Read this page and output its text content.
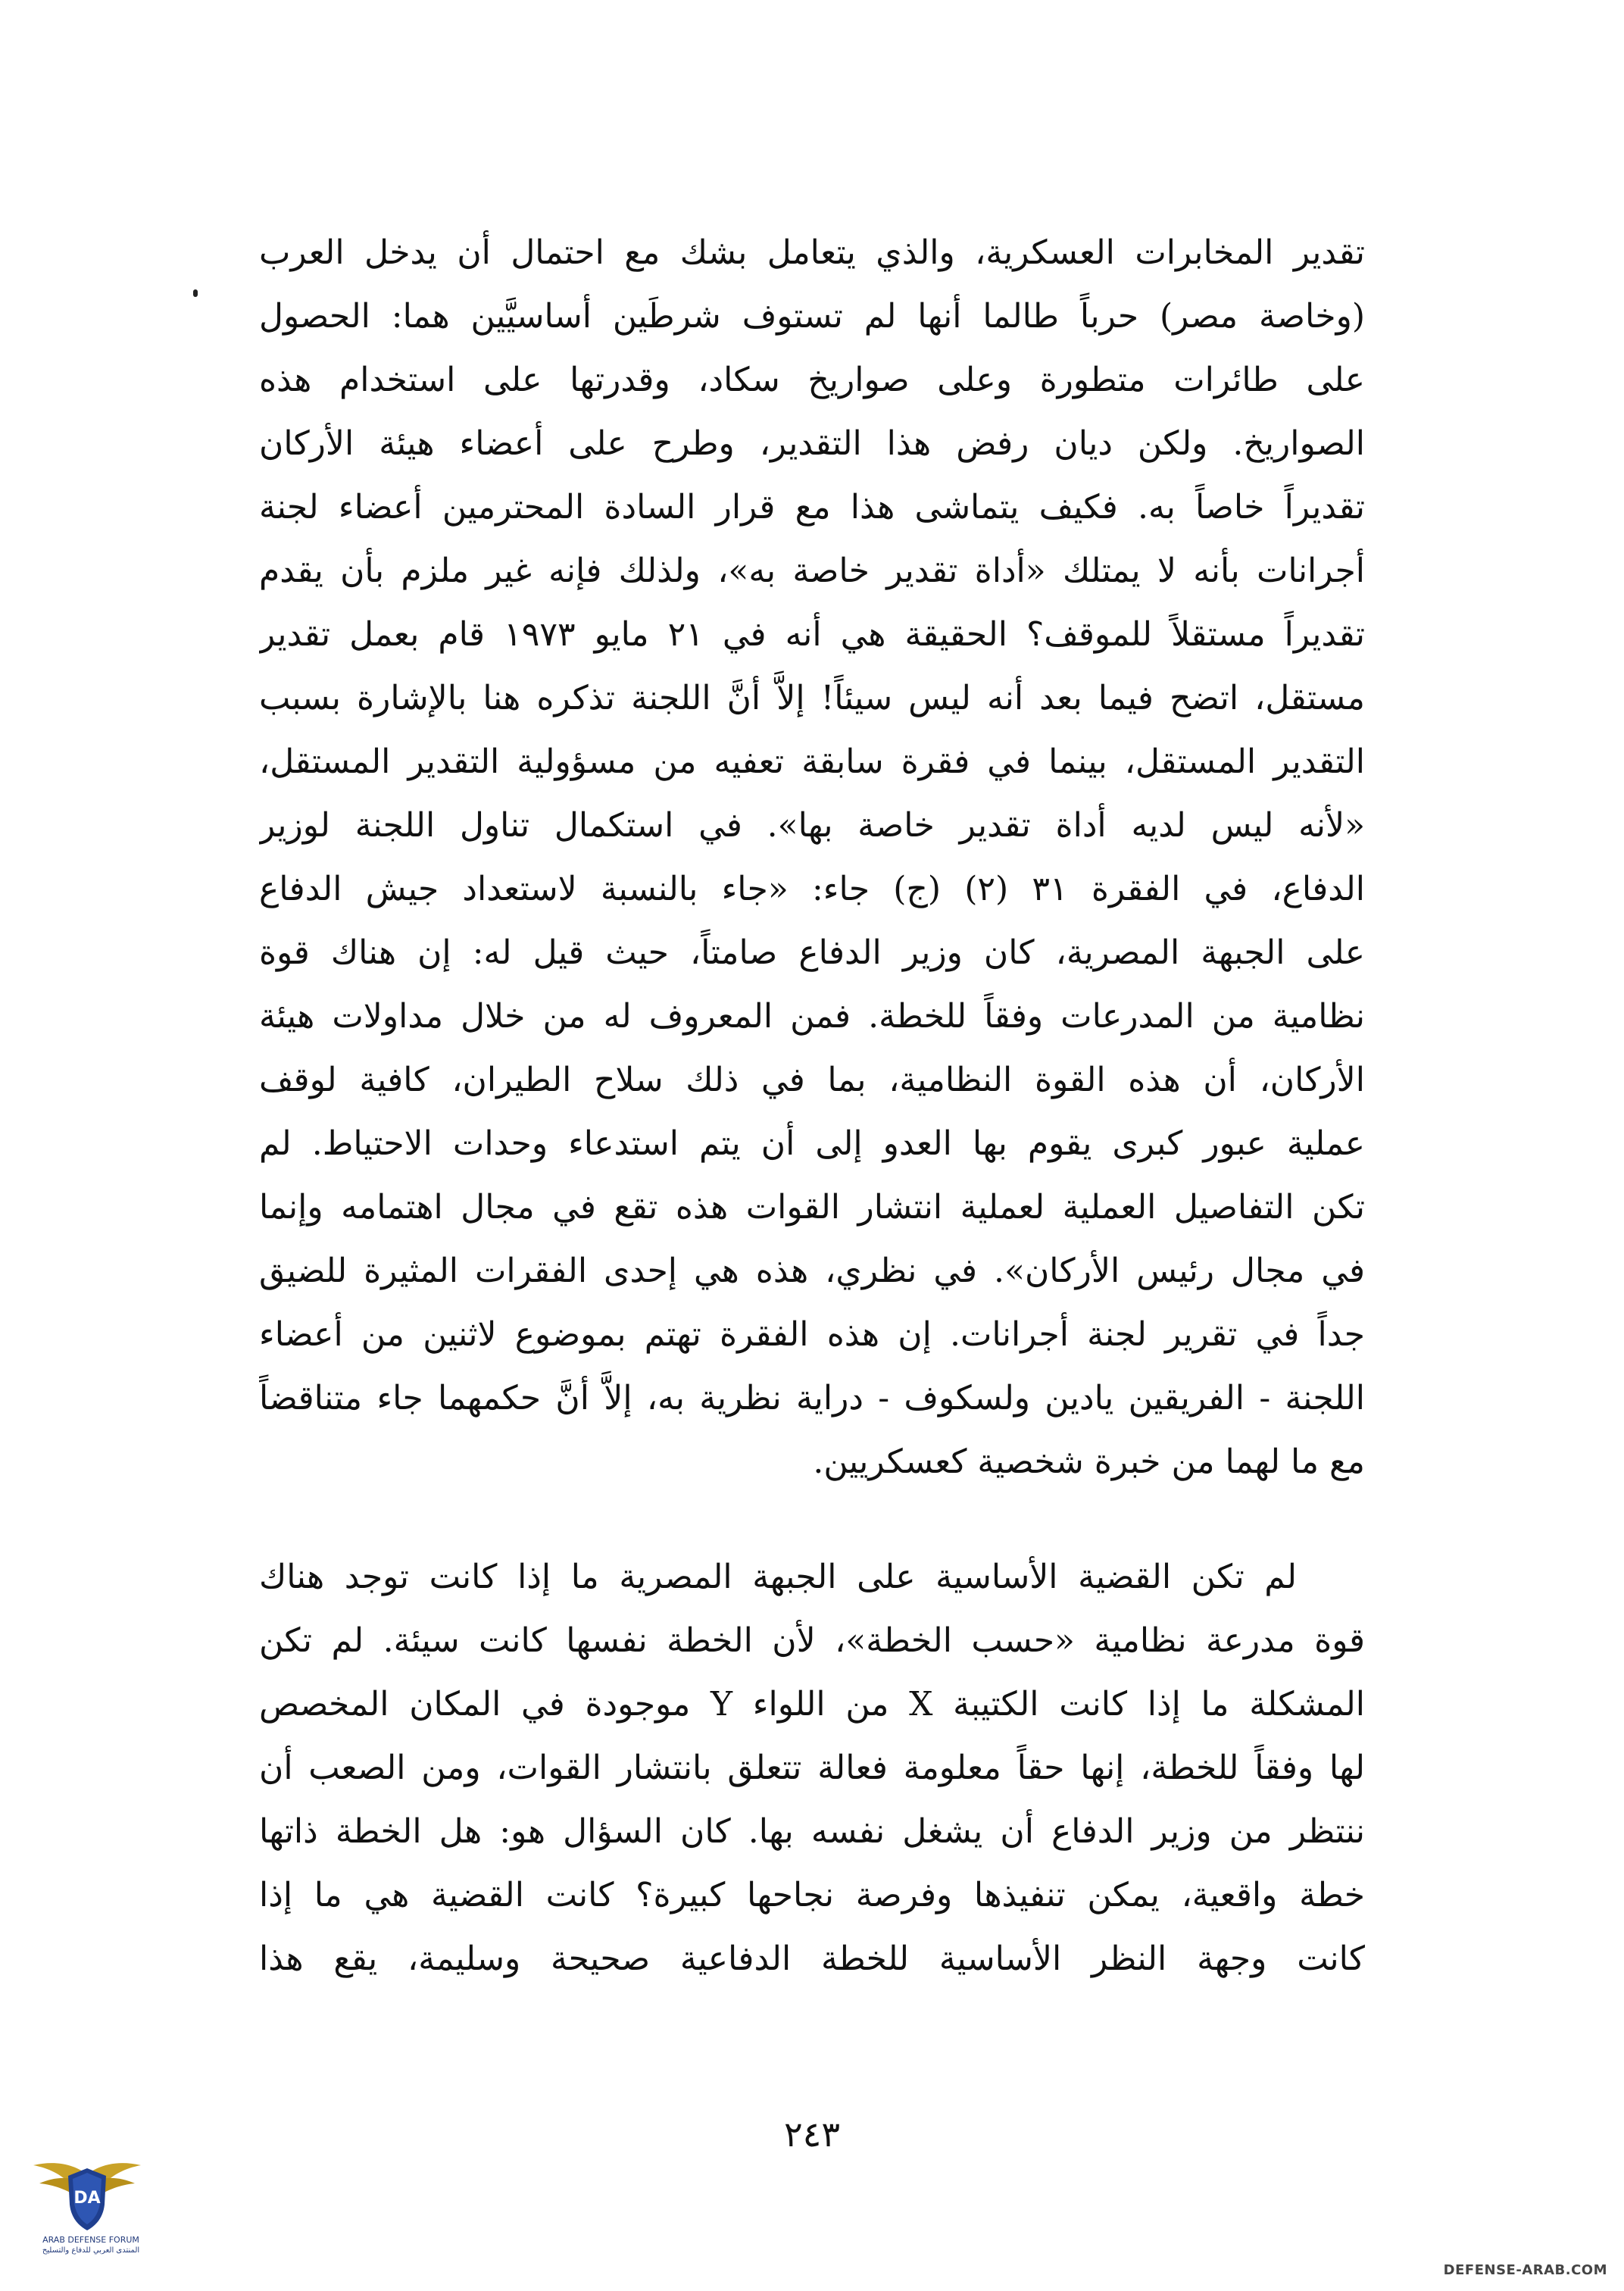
تقدير المخابرات العسكرية، والذي يتعامل بشك مع احتمال أن يدخل العرب
(وخاصة مصر) حرباً طالما أنها لم تستوف شرطَين أساسيَّين هما: الحصول
على طائرات متطورة وعلى صواريخ سكاد، وقدرتها على استخدام هذه
الصواريخ. ولكن ديان رفض هذا التقدير، وطرح على أعضاء هيئة الأركان
تقديراً خاصاً به. فكيف يتماشى هذا مع قرار السادة المحترمين أعضاء لجنة
أجرانات بأنه لا يمتلك «أداة تقدير خاصة به»، ولذلك فإنه غير ملزم بأن يقدم
تقديراً مستقلاً للموقف؟ الحقيقة هي أنه في ٢١ مايو ١٩٧٣ قام بعمل تقدير
مستقل، اتضح فيما بعد أنه ليس سيئاً! إلاَّ أنَّ اللجنة تذكره هنا بالإشارة بسبب
التقدير المستقل، بينما في فقرة سابقة تعفيه من مسؤولية التقدير المستقل،
«لأنه ليس لديه أداة تقدير خاصة بها». في استكمال تناول اللجنة لوزير
الدفاع، في الفقرة ٣١ (٢) (ج) جاء: «جاء بالنسبة لاستعداد جيش الدفاع
على الجبهة المصرية، كان وزير الدفاع صامتاً، حيث قيل له: إن هناك قوة
نظامية من المدرعات وفقاً للخطة. فمن المعروف له من خلال مداولات هيئة
الأركان، أن هذه القوة النظامية، بما في ذلك سلاح الطيران، كافية لوقف
عملية عبور كبرى يقوم بها العدو إلى أن يتم استدعاء وحدات الاحتياط. لم
تكن التفاصيل العملية لعملية انتشار القوات هذه تقع في مجال اهتمامه وإنما
في مجال رئيس الأركان». في نظري، هذه هي إحدى الفقرات المثيرة للضيق
جداً في تقرير لجنة أجرانات. إن هذه الفقرة تهتم بموضوع لاثنين من أعضاء
اللجنة - الفريقين يادين ولسكوف - دراية نظرية به، إلاَّ أنَّ حكمهما جاء متناقضاً
مع ما لهما من خبرة شخصية كعسكريين.
لم تكن القضية الأساسية على الجبهة المصرية ما إذا كانت توجد هناك
قوة مدرعة نظامية «حسب الخطة»، لأن الخطة نفسها كانت سيئة. لم تكن
المشكلة ما إذا كانت الكتيبة X من اللواء Y موجودة في المكان المخصص
لها وفقاً للخطة، إنها حقاً معلومة فعالة تتعلق بانتشار القوات، ومن الصعب أن
ننتظر من وزير الدفاع أن يشغل نفسه بها. كان السؤال هو: هل الخطة ذاتها
خطة واقعية، يمكن تنفيذها وفرصة نجاحها كبيرة؟ كانت القضية هي ما إذا
كانت وجهة النظر الأساسية للخطة الدفاعية صحيحة وسليمة، يقع هذا
٢٤٣
DA
ARAB DEFENSE FORUM
المنتدى العربي للدفاع والتسليح
DEFENSE-ARAB.COM
